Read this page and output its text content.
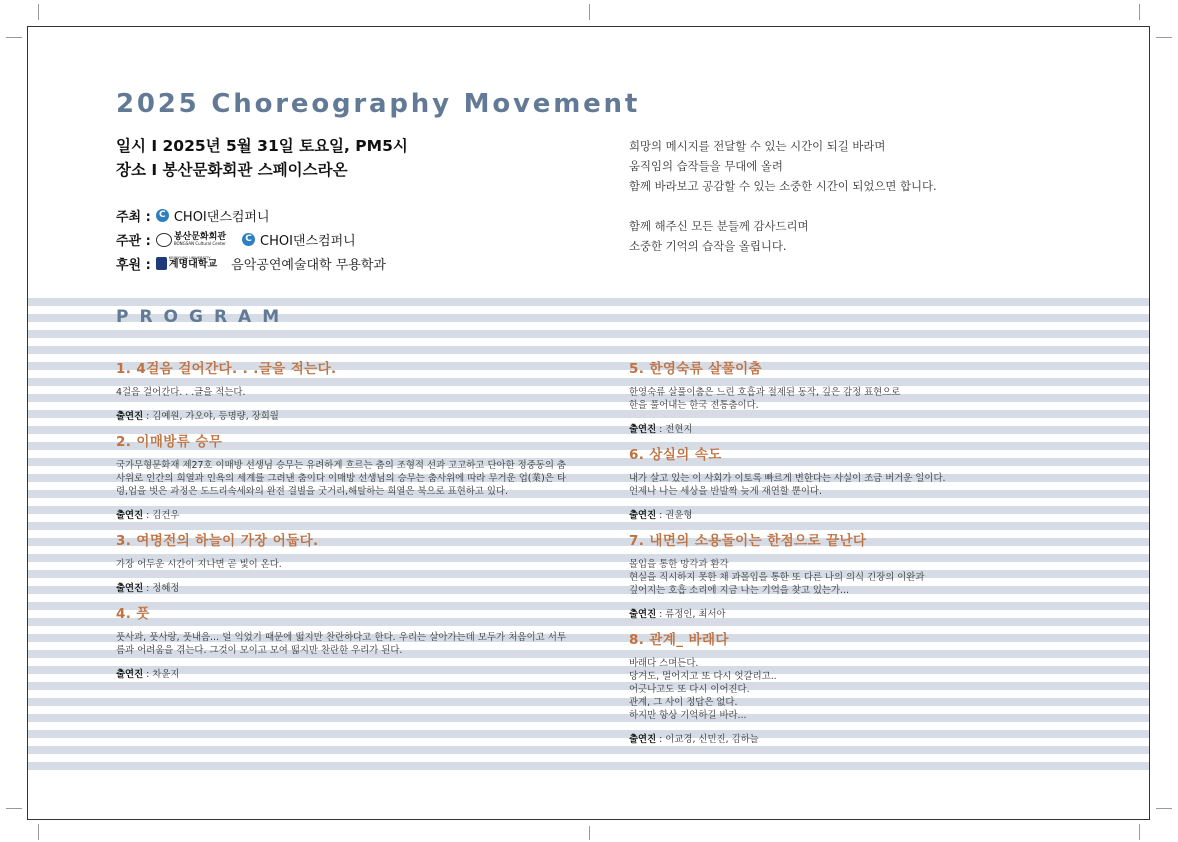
2025 Choreography Movement
일시 I 2025년 5월 31일 토요일, PM5시
장소 I 봉산문화회관 스페이스라온
주최 : C CHOI댄스컴퍼니
주관 :	봉산문화회관
BONGSAN Cultural Center	C CHOI댄스컴퍼니
후원 :
KEIMYUNG UNIVERSITY
계명대학교 음악공연예술대학 무용학과

희망의 메시지를 전달할 수 있는 시간이 되길 바라며

움직임의 습작들을 무대에 올려

함께 바라보고 공감할 수 있는 소중한 시간이 되었으면 합니다.

함께 해주신 모든 분들께 감사드리며

소중한 기억의 습작을 올립니다.

PROGRAM

1. 4걸음 걸어간다. . .글을 적는다.

4걸음 걸어간다. . .글을 적는다.

출연진 : 김예원, 가오야, 등명량, 장희월

2. 이매방류 승무

국가무형문화재 제27호 이매방 선생님 승무는 유려하게 흐르는 춤의 조형적 선과 고고하고 단아한 정중동의 춤사위로 인간의 희열과 인욕의 세계를 그려낸 춤이다 이매방 선생님의 승무는 춤사위에 따라 무거운 업(業)은 타령,업을 벗은 과정은 도드리속세와의 완전 결별을 굿거리,해탈하는 희열은 북으로 표현하고 있다.

출연진 : 김건우

3. 여명전의 하늘이 가장 어둡다.

가장 어두운 시간이 지나면 곧 빛이 온다.

출연진 : 정혜정

4. 풋

풋사과, 풋사랑, 풋내음... 덜 익었기 때문에 떫지만 찬란하다고 한다. 우리는 살아가는데 모두가 처음이고 서투름과 어려움을 겪는다. 그것이 모이고 모여 떫지만 찬란한 우리가 된다.

출연진 : 차윤지

5. 한영숙류 살풀이춤

한영숙류 살풀이춤은 느린 호흡과 절제된 동작, 깊은 감정 표현으로
한을 풀어내는 한국 전통춤이다.

출연진 : 전현지

6. 상실의 속도

내가 살고 있는 이 사회가 이토록 빠르게 변한다는 사실이 조금 버거운 일이다.
언제나 나는 세상을 반발짝 늦게 재연할 뿐이다.

출연진 : 권윤형

7. 내면의 소용돌이는 한점으로 끝난다

몰입을 통한 망각과 환각
현실을 직시하지 못한 채 과몰입을 통한 또 다른 나의 의식 긴장의 이완과
깊어지는 호흡 소리에 지금 나는 기억을 찾고 있는가...

출연진 : 류정인, 최서아

8. 관계_ 바래다

바래다 스며든다.
당겨도, 멀어지고 또 다시 엇갈리고..
어긋나고도 또 다시 이어진다.
관계, 그 사이 정답은 없다.
하지만 항상 기억하길 바라...

출연진 : 이교경, 신민진, 김하늘
